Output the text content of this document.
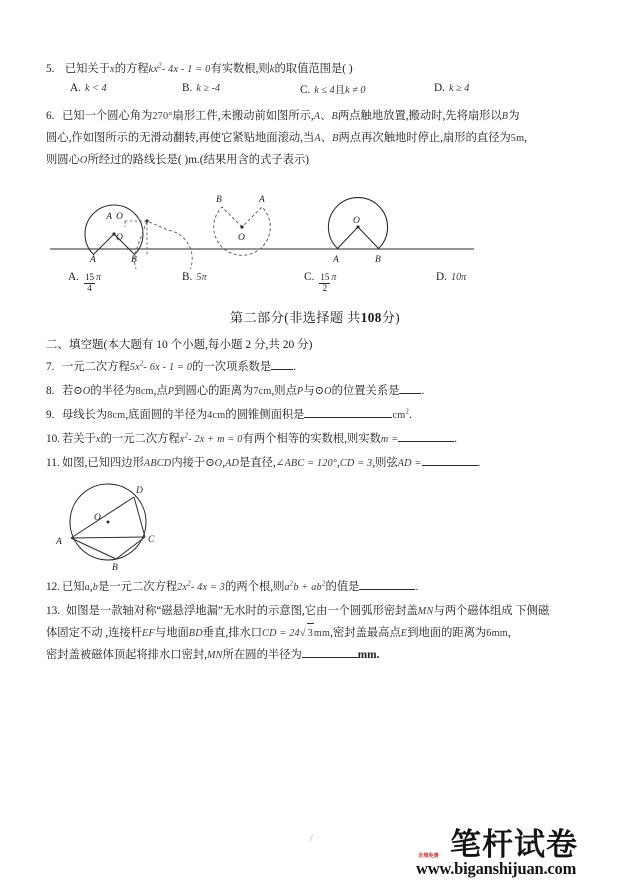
5. 已知关于x的方程$kx^2-$ 4x - 1 = 0有实数根,则k的取值范围是( )
A. k < 4	B. k ≥ -4	C. k ≤ 4 且 k ≠ 0	D. k ≥ 4
6. 已知一个圆心角为270°扇形工件,未搬动前如图所示,A、B两点触地放置,搬动时,先将扇形以B为
圆心,作如图所示的无滑动翻转,再使它紧贴地面滚动,当A、B两点再次触地时停止,扇形的直径为5m,
则圆心O所经过的路线长是( )m.(结果用含的式子表示)
O
O
A
A	B
O
B	A
O
A	B
A. $\frac{15}{4}$ π	B. 5π	C. $\frac{15}{2}$ π	D. 10π
第二部分(非选择题 共108分)
二、填空题(本大题有 10 个小题,每小题 2 分,共 20 分)
7. 一元二次方程$5x^2-$ 6x - 1 = 0的一次项系数是 .
8. 若⊙O的半径为8cm,点P到圆心的距离为7cm,则点P与⊙O的位置关系是 .
9. 母线长为8cm,底面圆的半径为4cm的圆锥侧面积是	$cm^2$.
10. 若关于x的一元二次方程$x^2-$ 2x + m = 0有两个相等的实数根,则实数m =	.
11. 如图,已知四边形ABCD内接于⊙O,AD是直径,∠ABC = 120°,CD = 3,则弦AD =	.
D
O
A	C
B
12. 已知a,b是一元二次方程$2x^2-$ 4x = 3的两个根,则$a^2b + ab^2$的值是	.
13. 如图是一款轴对称“磁悬浮地漏”无水时的示意图,它由一个圆弧形密封盖MN与两个磁体组成 下侧磁
体固定不动 ,连接杆EF与地面BD垂直,排水口CD = 24√ 3mm,密封盖最高点E到地面的距离为6mm,
密封盖被磁体顶起将排水口密封,MN所在圆的半径为	mm.
/
全城免费 笔杆试卷
www.biganshijuan.com
